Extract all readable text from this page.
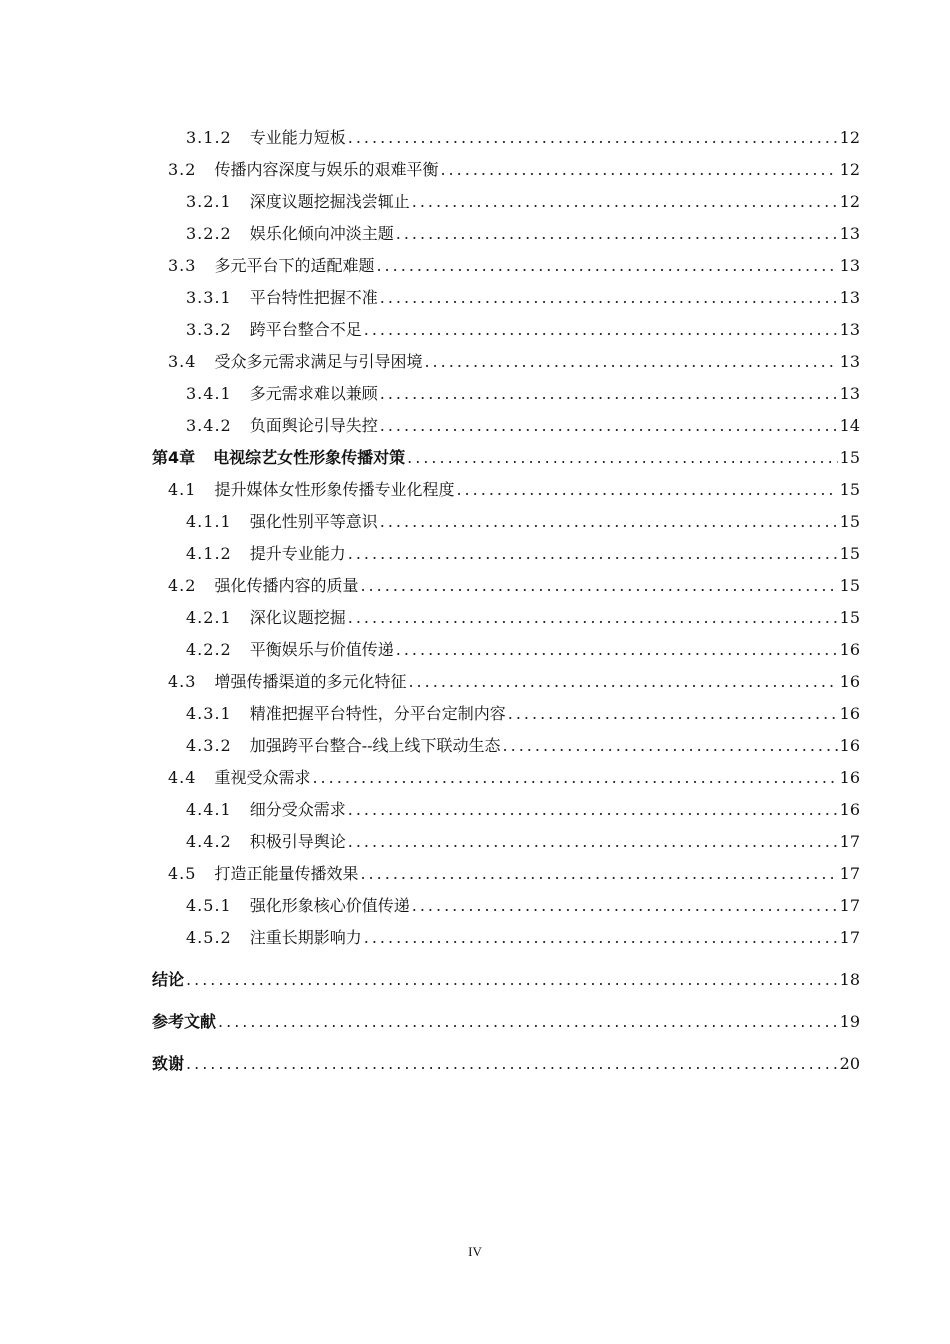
3.1.2 专业能力短板 .....	12
3.2 传播内容深度与娱乐的艰难平衡 .....	12
3.2.1 深度议题挖掘浅尝辄止 .....	12
3.2.2 娱乐化倾向冲淡主题 .....	13
3.3 多元平台下的适配难题 .....	13
3.3.1 平台特性把握不准 .....	13
3.3.2 跨平台整合不足 .....	13
3.4 受众多元需求满足与引导困境 .....	13
3.4.1 多元需求难以兼顾 .....	13
3.4.2 负面舆论引导失控 .....	14
第4章 电视综艺女性形象传播对策 .....	15
4.1 提升媒体女性形象传播专业化程度 .....	15
4.1.1 强化性别平等意识 .....	15
4.1.2 提升专业能力 .....	15
4.2 强化传播内容的质量 .....	15
4.2.1 深化议题挖掘 .....	15
4.2.2 平衡娱乐与价值传递 .....	16
4.3 增强传播渠道的多元化特征 .....	16
4.3.1 精准把握平台特性，分平台定制内容 .....	16
4.3.2 加强跨平台整合--线上线下联动生态 .....	16
4.4 重视受众需求 .....	16
4.4.1 细分受众需求 .....	16
4.4.2 积极引导舆论 .....	17
4.5 打造正能量传播效果 .....	17
4.5.1 强化形象核心价值传递 .....	17
4.5.2 注重长期影响力 .....	17
结论 .....	18
参考文献 .....	19
致谢 .....	20
IV
